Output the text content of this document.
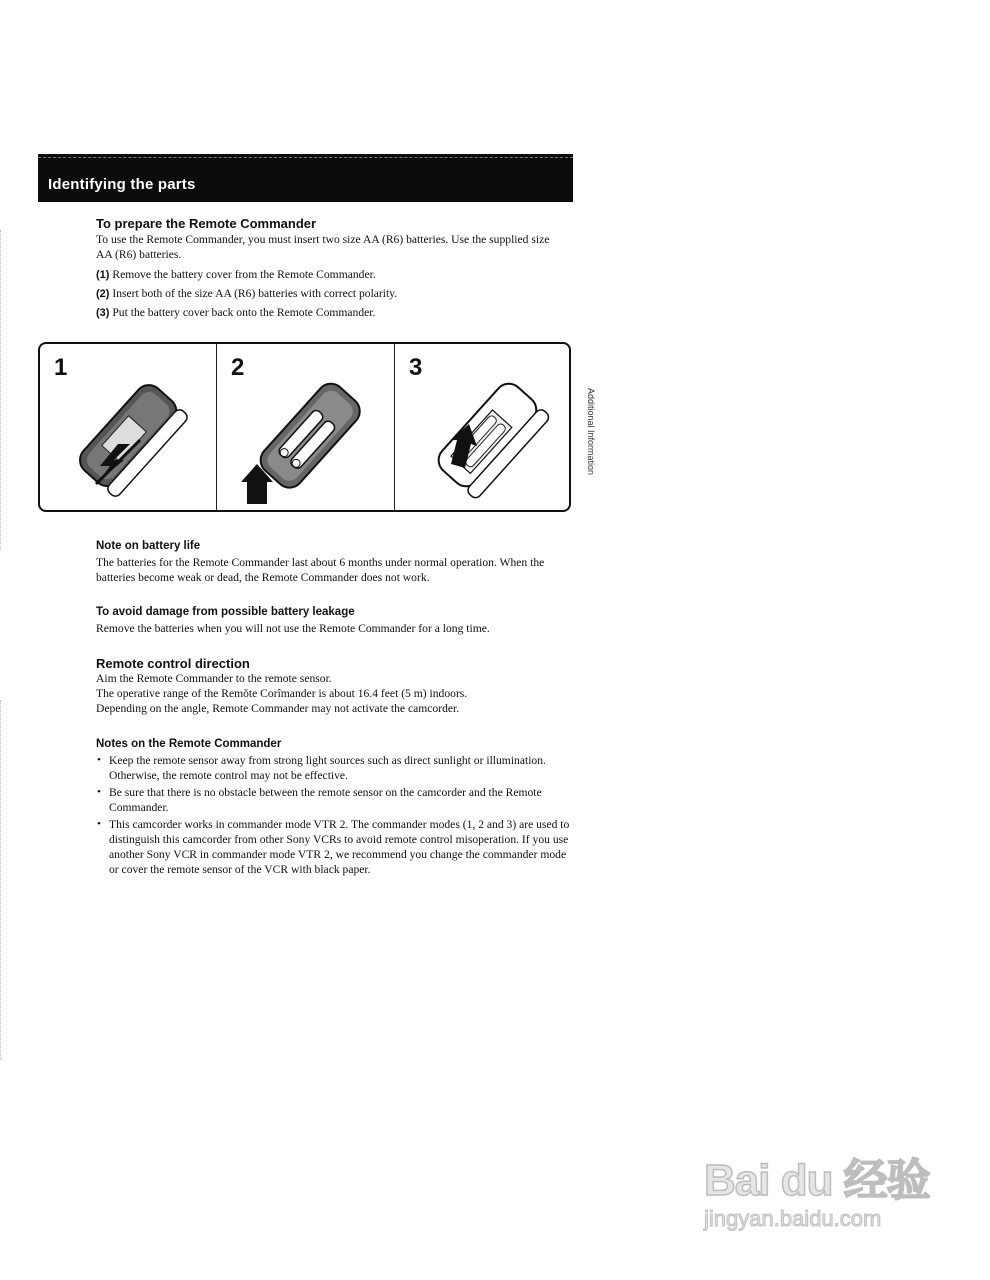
Identifying the parts
To prepare the Remote Commander
To use the Remote Commander, you must insert two size AA (R6) batteries. Use the supplied size AA (R6) batteries.
(1) Remove the battery cover from the Remote Commander.
(2) Insert both of the size AA (R6) batteries with correct polarity.
(3) Put the battery cover back onto the Remote Commander.
1	2	3
Additional Information
Note on battery life
The batteries for the Remote Commander last about 6 months under normal operation. When the batteries become weak or dead, the Remote Commander does not work.
To avoid damage from possible battery leakage
Remove the batteries when you will not use the Remote Commander for a long time.
Remote control direction
Aim the Remote Commander to the remote sensor.
The operative range of the Remŏte Corîmander is about 16.4 feet (5 m) indoors.
Depending on the angle, Remote Commander may not activate the camcorder.
Notes on the Remote Commander
• Keep the remote sensor away from strong light sources such as direct sunlight or illumination. Otherwise, the remote control may not be effective.
• Be sure that there is no obstacle between the remote sensor on the camcorder and the Remote Commander.
• This camcorder works in commander mode VTR 2. The commander modes (1, 2 and 3) are used to distinguish this camcorder from other Sony VCRs to avoid remote control misoperation. If you use another Sony VCR in commander mode VTR 2, we recommend you change the commander mode or cover the remote sensor of the VCR with black paper.
Bai du 经验
jingyan.baidu.com
